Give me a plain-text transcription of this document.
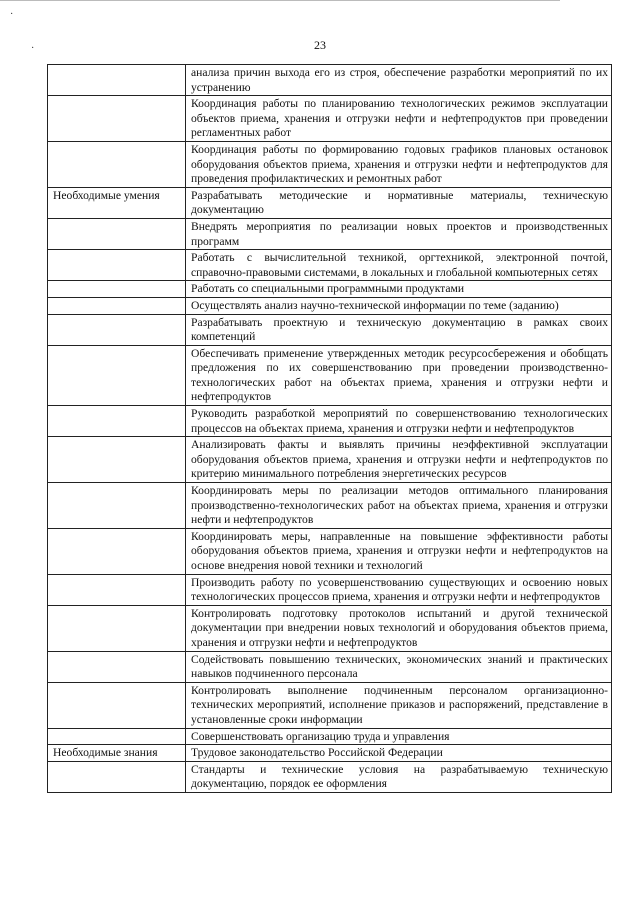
·
·	23
	анализа причин выхода его из строя, обеспечение разработки мероприятий по их устранению
	Координация работы по планированию технологических режимов эксплуатации объектов приема, хранения и отгрузки нефти и нефтепродуктов при проведении регламентных работ
	Координация работы по формированию годовых графиков плановых остановок оборудования объектов приема, хранения и отгрузки нефти и нефтепродуктов для проведения профилактических и ремонтных работ
Необходимые умения	Разрабатывать методические и нормативные материалы, техническую документацию
	Внедрять мероприятия по реализации новых проектов и производственных программ
	Работать с вычислительной техникой, оргтехникой, электронной почтой, справочно-правовыми системами, в локальных и глобальной компьютерных сетях
	Работать со специальными программными продуктами
	Осуществлять анализ научно-технической информации по теме (заданию)
	Разрабатывать проектную и техническую документацию в рамках своих компетенций
	Обеспечивать применение утвержденных методик ресурсосбережения и обобщать предложения по их совершенствованию при проведении производственно-технологических работ на объектах приема, хранения и отгрузки нефти и нефтепродуктов
	Руководить разработкой мероприятий по совершенствованию технологических процессов на объектах приема, хранения и отгрузки нефти и нефтепродуктов
	Анализировать факты и выявлять причины неэффективной эксплуатации оборудования объектов приема, хранения и отгрузки нефти и нефтепродуктов по критерию минимального потребления энергетических ресурсов
	Координировать меры по реализации методов оптимального планирования производственно-технологических работ на объектах приема, хранения и отгрузки нефти и нефтепродуктов
	Координировать меры, направленные на повышение эффективности работы оборудования объектов приема, хранения и отгрузки нефти и нефтепродуктов на основе внедрения новой техники и технологий
	Производить работу по усовершенствованию существующих и освоению новых технологических процессов приема, хранения и отгрузки нефти и нефтепродуктов
	Контролировать подготовку протоколов испытаний и другой технической документации при внедрении новых технологий и оборудования объектов приема, хранения и отгрузки нефти и нефтепродуктов
	Содействовать повышению технических, экономических знаний и практических навыков подчиненного персонала
	Контролировать выполнение подчиненным персоналом организационно-технических мероприятий, исполнение приказов и распоряжений, представление в установленные сроки информации
	Совершенствовать организацию труда и управления
Необходимые знания	Трудовое законодательство Российской Федерации
	Стандарты и технические условия на разрабатываемую техническую документацию, порядок ее оформления
